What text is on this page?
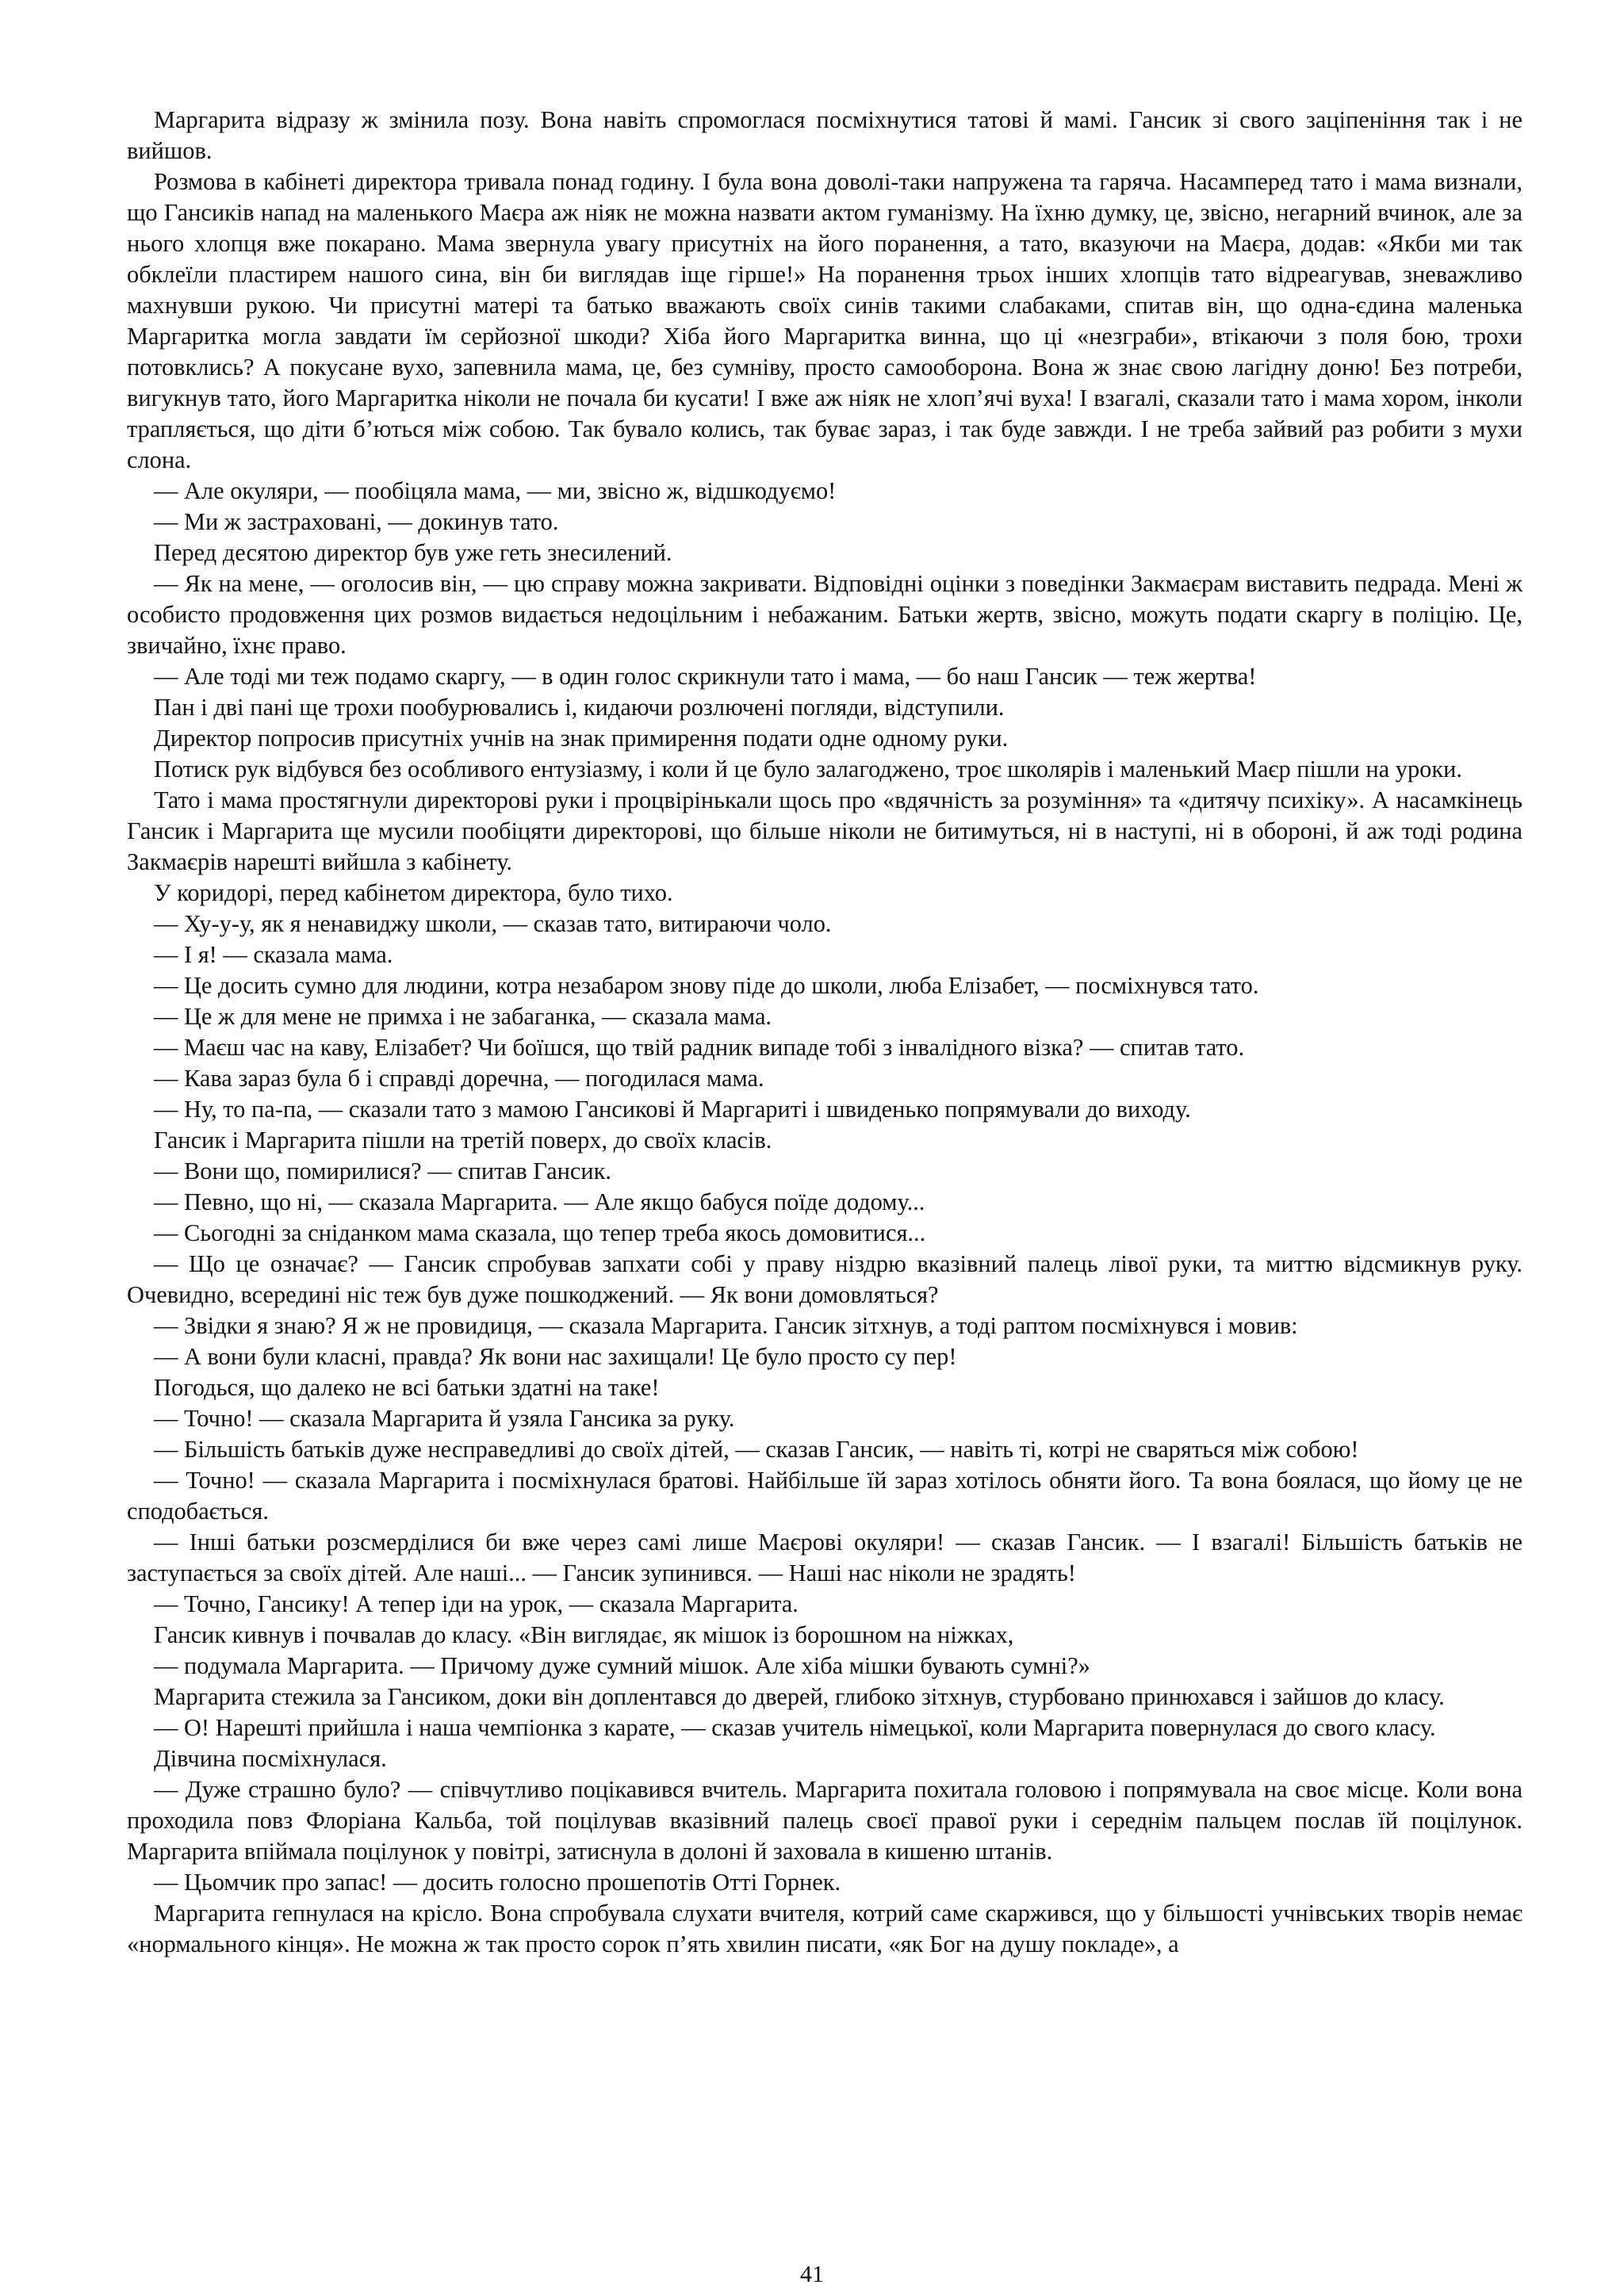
Маргарита відразу ж змінила позу. Вона навіть спромоглася посміхнутися татові й мамі. Гансик зі свого заціпеніння так і не вийшов.

Розмова в кабінеті директора тривала понад годину. І була вона доволі-таки напружена та гаряча. Насамперед тато і мама визнали, що Гансиків напад на маленького Маєра аж ніяк не можна назвати актом гуманізму. На їхню думку, це, звісно, негарний вчинок, але за нього хлопця вже покарано. Мама звернула увагу присутніх на його поранення, а тато, вказуючи на Маєра, додав: «Якби ми так обклеїли пластирем нашого сина, він би виглядав іще гірше!» На поранення трьох інших хлопців тато відреагував, зневажливо махнувши рукою. Чи присутні матері та батько вважають своїх синів такими слабаками, спитав він, що одна-єдина маленька Маргаритка могла завдати їм серйозної шкоди? Хіба його Маргаритка винна, що ці «незграби», втікаючи з поля бою, трохи потовклись? А покусане вухо, запевнила мама, це, без сумніву, просто самооборона. Вона ж знає свою лагідну доню! Без потреби, вигукнув тато, його Маргаритка ніколи не почала би кусати! І вже аж ніяк не хлоп’ячі вуха! І взагалі, сказали тато і мама хором, інколи трапляється, що діти б’ються між собою. Так бувало колись, так буває зараз, і так буде завжди. І не треба зайвий раз робити з мухи слона.

— Але окуляри, — пообіцяла мама, — ми, звісно ж, відшкодуємо!

— Ми ж застраховані, — докинув тато.

Перед десятою директор був уже геть знесилений.

— Як на мене, — оголосив він, — цю справу можна закривати. Відповідні оцінки з поведінки Закмаєрам виставить педрада. Мені ж особисто продовження цих розмов видається недоцільним і небажаним. Батьки жертв, звісно, можуть подати скаргу в поліцію. Це, звичайно, їхнє право.

— Але тоді ми теж подамо скаргу, — в один голос скрикнули тато і мама, — бо наш Гансик — теж жертва!

Пан і дві пані ще трохи пообурювались і, кидаючи розлючені погляди, відступили.

Директор попросив присутніх учнів на знак примирення подати одне одному руки.

Потиск рук відбувся без особливого ентузіазму, і коли й це було залагоджено, троє школярів і маленький Маєр пішли на уроки.

Тато і мама простягнули директорові руки і процвірінькали щось про «вдячність за розуміння» та «дитячу психіку». А насамкінець Гансик і Маргарита ще мусили пообіцяти директорові, що більше ніколи не битимуться, ні в наступі, ні в обороні, й аж тоді родина Закмаєрів нарешті вийшла з кабінету.

У коридорі, перед кабінетом директора, було тихо.

— Ху-у-у, як я ненавиджу школи, — сказав тато, витираючи чоло.

— І я! — сказала мама.

— Це досить сумно для людини, котра незабаром знову піде до школи, люба Елізабет, — посміхнувся тато.

— Це ж для мене не примха і не забаганка, — сказала мама.

— Маєш час на каву, Елізабет? Чи боїшся, що твій радник випаде тобі з інвалідного візка? — спитав тато.

— Кава зараз була б і справді доречна, — погодилася мама.

— Ну, то па-па, — сказали тато з мамою Гансикові й Маргариті і швиденько попрямували до виходу.

Гансик і Маргарита пішли на третій поверх, до своїх класів.

— Вони що, помирилися? — спитав Гансик.

— Певно, що ні, — сказала Маргарита. — Але якщо бабуся поїде додому...

— Сьогодні за сніданком мама сказала, що тепер треба якось домовитися...

— Що це означає? — Гансик спробував запхати собі у праву ніздрю вказівний палець лівої руки, та миттю відсмикнув руку. Очевидно, всередині ніс теж був дуже пошкоджений. — Як вони домовляться?

— Звідки я знаю? Я ж не провидиця, — сказала Маргарита. Гансик зітхнув, а тоді раптом посміхнувся і мовив:

— А вони були класні, правда? Як вони нас захищали! Це було просто су пер!

Погодься, що далеко не всі батьки здатні на таке!

— Точно! — сказала Маргарита й узяла Гансика за руку.

— Більшість батьків дуже несправедливі до своїх дітей, — сказав Гансик, — навіть ті, котрі не сваряться між собою!

— Точно! — сказала Маргарита і посміхнулася братові. Найбільше їй зараз хотілось обняти його. Та вона боялася, що йому це не сподобається.

— Інші батьки розсмерділися би вже через самі лише Маєрові окуляри! — сказав Гансик. — І взагалі! Більшість батьків не заступається за своїх дітей. Але наші... — Гансик зупинився. — Наші нас ніколи не зрадять!

— Точно, Гансику! А тепер іди на урок, — сказала Маргарита.

Гансик кивнув і почвалав до класу. «Він виглядає, як мішок із борошном на ніжках,

— подумала Маргарита. — Причому дуже сумний мішок. Але хіба мішки бувають сумні?»

Маргарита стежила за Гансиком, доки він доплентався до дверей, глибоко зітхнув, стурбовано принюхався і зайшов до класу.

— О! Нарешті прийшла і наша чемпіонка з карате, — сказав учитель німецької, коли Маргарита повернулася до свого класу.

Дівчина посміхнулася.

— Дуже страшно було? — співчутливо поцікавився вчитель. Маргарита похитала головою і попрямувала на своє місце. Коли вона проходила повз Флоріана Кальба, той поцілував вказівний палець своєї правої руки і середнім пальцем послав їй поцілунок. Маргарита впіймала поцілунок у повітрі, затиснула в долоні й заховала в кишеню штанів.

— Цьомчик про запас! — досить голосно прошепотів Отті Горнек.

Маргарита гепнулася на крісло. Вона спробувала слухати вчителя, котрий саме скаржився, що у більшості учнівських творів немає «нормального кінця». Не можна ж так просто сорок п’ять хвилин писати, «як Бог на душу покладе», а

41
